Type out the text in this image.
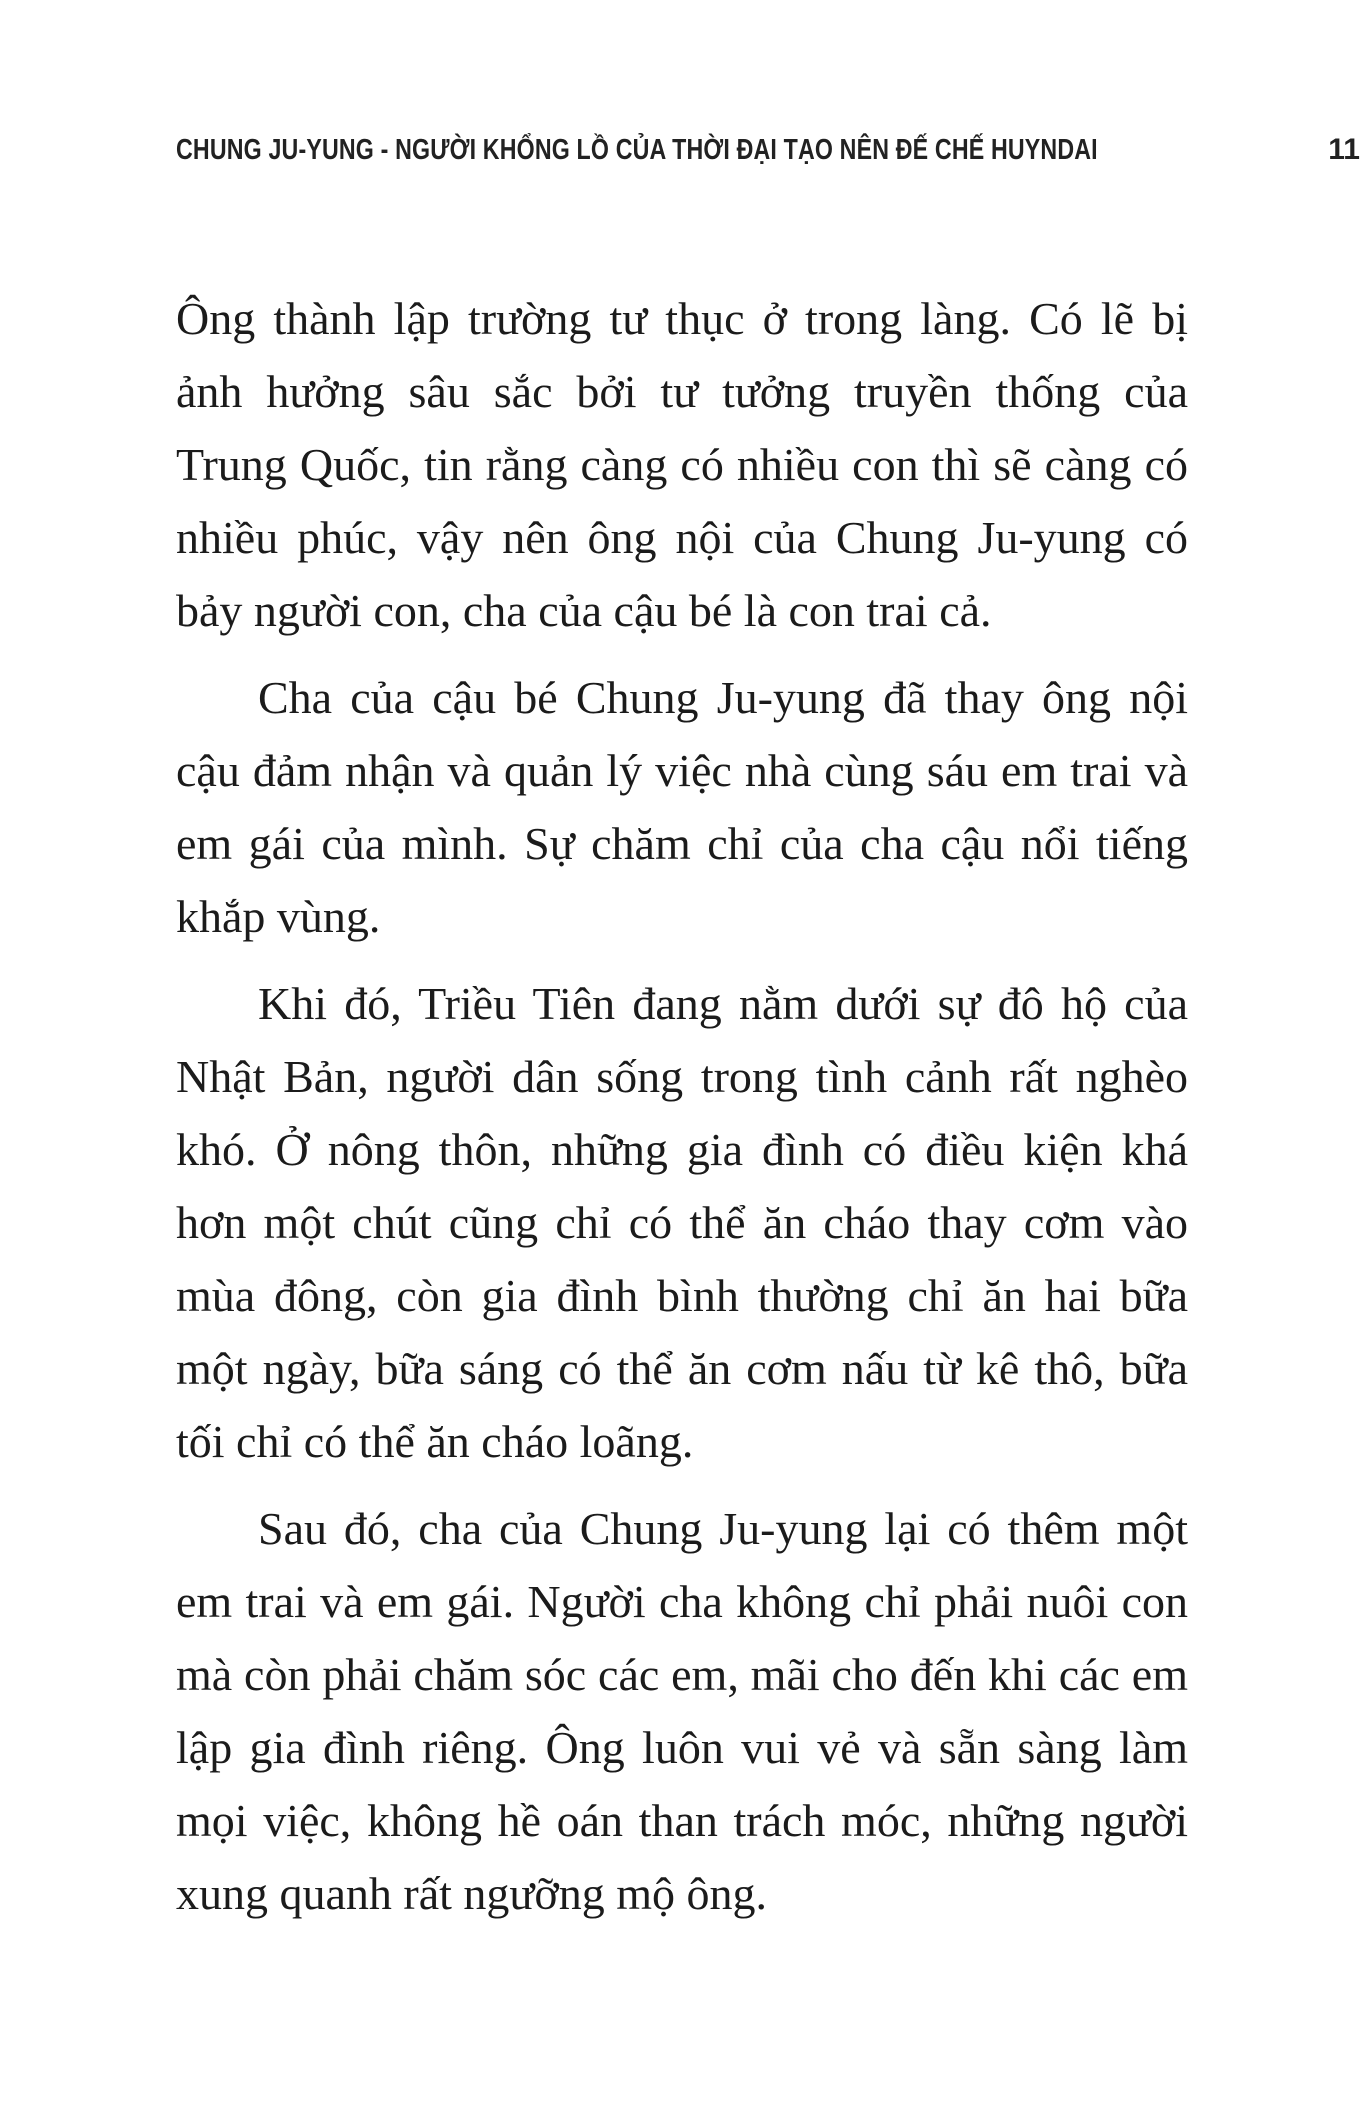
CHUNG JU-YUNG - NGƯỜI KHỔNG LỒ CỦA THỜI ĐẠI TẠO NÊN ĐẾ CHẾ HUYNDAI	11

Ông thành lập trường tư thục ở trong làng. Có lẽ bị ảnh hưởng sâu sắc bởi tư tưởng truyền thống của Trung Quốc, tin rằng càng có nhiều con thì sẽ càng có nhiều phúc, vậy nên ông nội của Chung Ju-yung có bảy người con, cha của cậu bé là con trai cả.

Cha của cậu bé Chung Ju-yung đã thay ông nội cậu đảm nhận và quản lý việc nhà cùng sáu em trai và em gái của mình. Sự chăm chỉ của cha cậu nổi tiếng khắp vùng.

Khi đó, Triều Tiên đang nằm dưới sự đô hộ của Nhật Bản, người dân sống trong tình cảnh rất nghèo khó. Ở nông thôn, những gia đình có điều kiện khá hơn một chút cũng chỉ có thể ăn cháo thay cơm vào mùa đông, còn gia đình bình thường chỉ ăn hai bữa một ngày, bữa sáng có thể ăn cơm nấu từ kê thô, bữa tối chỉ có thể ăn cháo loãng.

Sau đó, cha của Chung Ju-yung lại có thêm một em trai và em gái. Người cha không chỉ phải nuôi con mà còn phải chăm sóc các em, mãi cho đến khi các em lập gia đình riêng. Ông luôn vui vẻ và sẵn sàng làm mọi việc, không hề oán than trách móc, những người xung quanh rất ngưỡng mộ ông.
